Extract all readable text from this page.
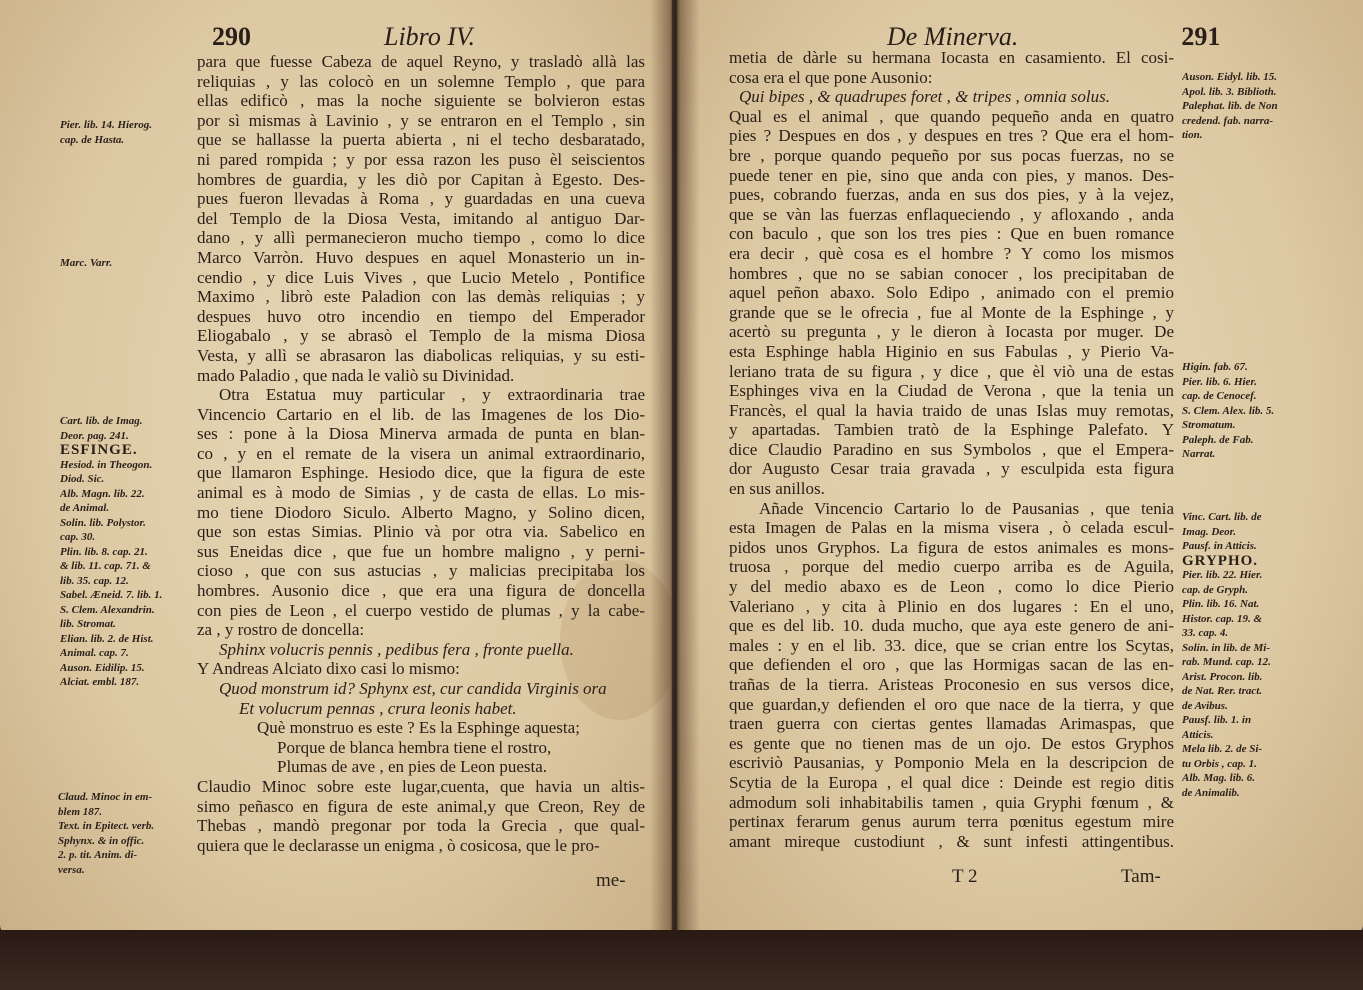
290	Libro IV.
para que fuesse Cabeza de aquel Reyno, y trasladò allà las
reliquias , y las colocò en un solemne Templo , que para
ellas edificò , mas la noche siguiente se bolvieron estas
por sì mismas à Lavinio , y se entraron en el Templo , sin
que se hallasse la puerta abierta , ni el techo desbaratado,
ni pared rompida ; y por essa razon les puso èl seiscientos
hombres de guardia, y les diò por Capitan à Egesto. Des-
pues fueron llevadas à Roma , y guardadas en una cueva
del Templo de la Diosa Vesta, imitando al antiguo Dar-
dano , y allì permanecieron mucho tiempo , como lo dice
Marco Varròn. Huvo despues en aquel Monasterio un in-
cendio , y dice Luis Vives , que Lucio Metelo , Pontifice
Maximo , librò este Paladion con las demàs reliquias ; y
despues huvo otro incendio en tiempo del Emperador
Eliogabalo , y se abrasò el Templo de la misma Diosa
Vesta, y allì se abrasaron las diabolicas reliquias, y su esti-
mado Paladio , que nada le valiò su Divinidad.
Otra Estatua muy particular , y extraordinaria trae
Vincencio Cartario en el lib. de las Imagenes de los Dio-
ses : pone à la Diosa Minerva armada de punta en blan-
co , y en el remate de la visera un animal extraordinario,
que llamaron Esphinge. Hesiodo dice, que la figura de este
animal es à modo de Simias , y de casta de ellas. Lo mis-
mo tiene Diodoro Siculo. Alberto Magno, y Solino dicen,
que son estas Simias. Plinio và por otra via. Sabelico en
sus Eneidas dice , que fue un hombre maligno , y perni-
cioso , que con sus astucias , y malicias precipitaba los
hombres. Ausonio dice , que era una figura de doncella
con pies de Leon , el cuerpo vestido de plumas , y la cabe-
za , y rostro de doncella:
Sphinx volucris pennis , pedibus fera , fronte puella.
Y Andreas Alciato dixo casi lo mismo:
Quod monstrum id? Sphynx est, cur candida Virginis ora
Et volucrum pennas , crura leonis habet.
Què monstruo es este ? Es la Esphinge aquesta;
Porque de blanca hembra tiene el rostro,
Plumas de ave , en pies de Leon puesta.
Claudio Minoc sobre este lugar,cuenta, que havia un altis-
simo peñasco en figura de este animal,y que Creon, Rey de
Thebas , mandò pregonar por toda la Grecia , que qual-
quiera que le declarasse un enigma , ò cosicosa, que le pro-
Pier. lib. 14. Hierog.
cap. de Hasta.
Marc. Varr.
Cart. lib. de Imag.
Deor. pag. 241.
ESFINGE.
Hesiod. in Theogon.
Diod. Sic.
Alb. Magn. lib. 22.
de Animal.
Solin. lib. Polystor.
cap. 30.
Plin. lib. 8. cap. 21.
& lib. 11. cap. 71. &
lib. 35. cap. 12.
Sabel. Æneid. 7. lib. 1.
S. Clem. Alexandrin.
lib. Stromat.
Elian. lib. 2. de Hist.
Animal. cap. 7.
Auson. Eidilip. 15.
Alciat. embl. 187.
Claud. Minoc in em-
blem 187.
Text. in Epitect. verb.
Sphynx. & in offic.
2. p. tit. Anim. di-
versa.
me-
De Minerva.	291
metia de dàrle su hermana Iocasta en casamiento. El cosi-
cosa era el que pone Ausonio:
Qui bipes , & quadrupes foret , & tripes , omnia solus.
Qual es el animal , que quando pequeño anda en quatro
pies ? Despues en dos , y despues en tres ? Que era el hom-
bre , porque quando pequeño por sus pocas fuerzas, no se
puede tener en pie, sino que anda con pies, y manos. Des-
pues, cobrando fuerzas, anda en sus dos pies, y à la vejez,
que se vàn las fuerzas enflaqueciendo , y afloxando , anda
con baculo , que son los tres pies : Que en buen romance
era decir , què cosa es el hombre ? Y como los mismos
hombres , que no se sabian conocer , los precipitaban de
aquel peñon abaxo. Solo Edipo , animado con el premio
grande que se le ofrecia , fue al Monte de la Esphinge , y
acertò su pregunta , y le dieron à Iocasta por muger. De
esta Esphinge habla Higinio en sus Fabulas , y Pierio Va-
leriano trata de su figura , y dice , que èl viò una de estas
Esphinges viva en la Ciudad de Verona , que la tenia un
Francès, el qual la havia traido de unas Islas muy remotas,
y apartadas. Tambien tratò de la Esphinge Palefato. Y
dice Claudio Paradino en sus Symbolos , que el Empera-
dor Augusto Cesar traia gravada , y esculpida esta figura
en sus anillos.
Añade Vincencio Cartario lo de Pausanias , que tenia
esta Imagen de Palas en la misma visera , ò celada escul-
pidos unos Gryphos. La figura de estos animales es mons-
truosa , porque del medio cuerpo arriba es de Aguila,
y del medio abaxo es de Leon , como lo dice Pierio
Valeriano , y cita à Plinio en dos lugares : En el uno,
que es del lib. 10. duda mucho, que aya este genero de ani-
males : y en el lib. 33. dice, que se crian entre los Scytas,
que defienden el oro , que las Hormigas sacan de las en-
trañas de la tierra. Aristeas Proconesio en sus versos dice,
que guardan,y defienden el oro que nace de la tierra, y que
traen guerra con ciertas gentes llamadas Arimaspas, que
es gente que no tienen mas de un ojo. De estos Gryphos
escriviò Pausanias, y Pomponio Mela en la descripcion de
Scytia de la Europa , el qual dice : Deinde est regio ditis
admodum soli inhabitabilis tamen , quia Gryphi fœnum , &
pertinax ferarum genus aurum terra pœnitus egestum mire
amant mireque custodiunt , & sunt infesti attingentibus.
Auson. Eidyl. lib. 15.
Apol. lib. 3. Biblioth.
Palephat. lib. de Non
credend. fab. narra-
tion.
Higin. fab. 67.
Pier. lib. 6. Hier.
cap. de Cenocef.
S. Clem. Alex. lib. 5.
Stromatum.
Paleph. de Fab.
Narrat.
Vinc. Cart. lib. de
Imag. Deor.
Pausf. in Atticis.
GRYPHO.
Pier. lib. 22. Hier.
cap. de Gryph.
Plin. lib. 16. Nat.
Histor. cap. 19. &
33. cap. 4.
Solin. in lib. de Mi-
rab. Mund. cap. 12.
Arist. Procon. lib.
de Nat. Rer. tract.
de Avibus.
Pausf. lib. 1. in
Atticis.
Mela lib. 2. de Si-
tu Orbis , cap. 1.
Alb. Mag. lib. 6.
de Animalib.
T 2	Tam-
